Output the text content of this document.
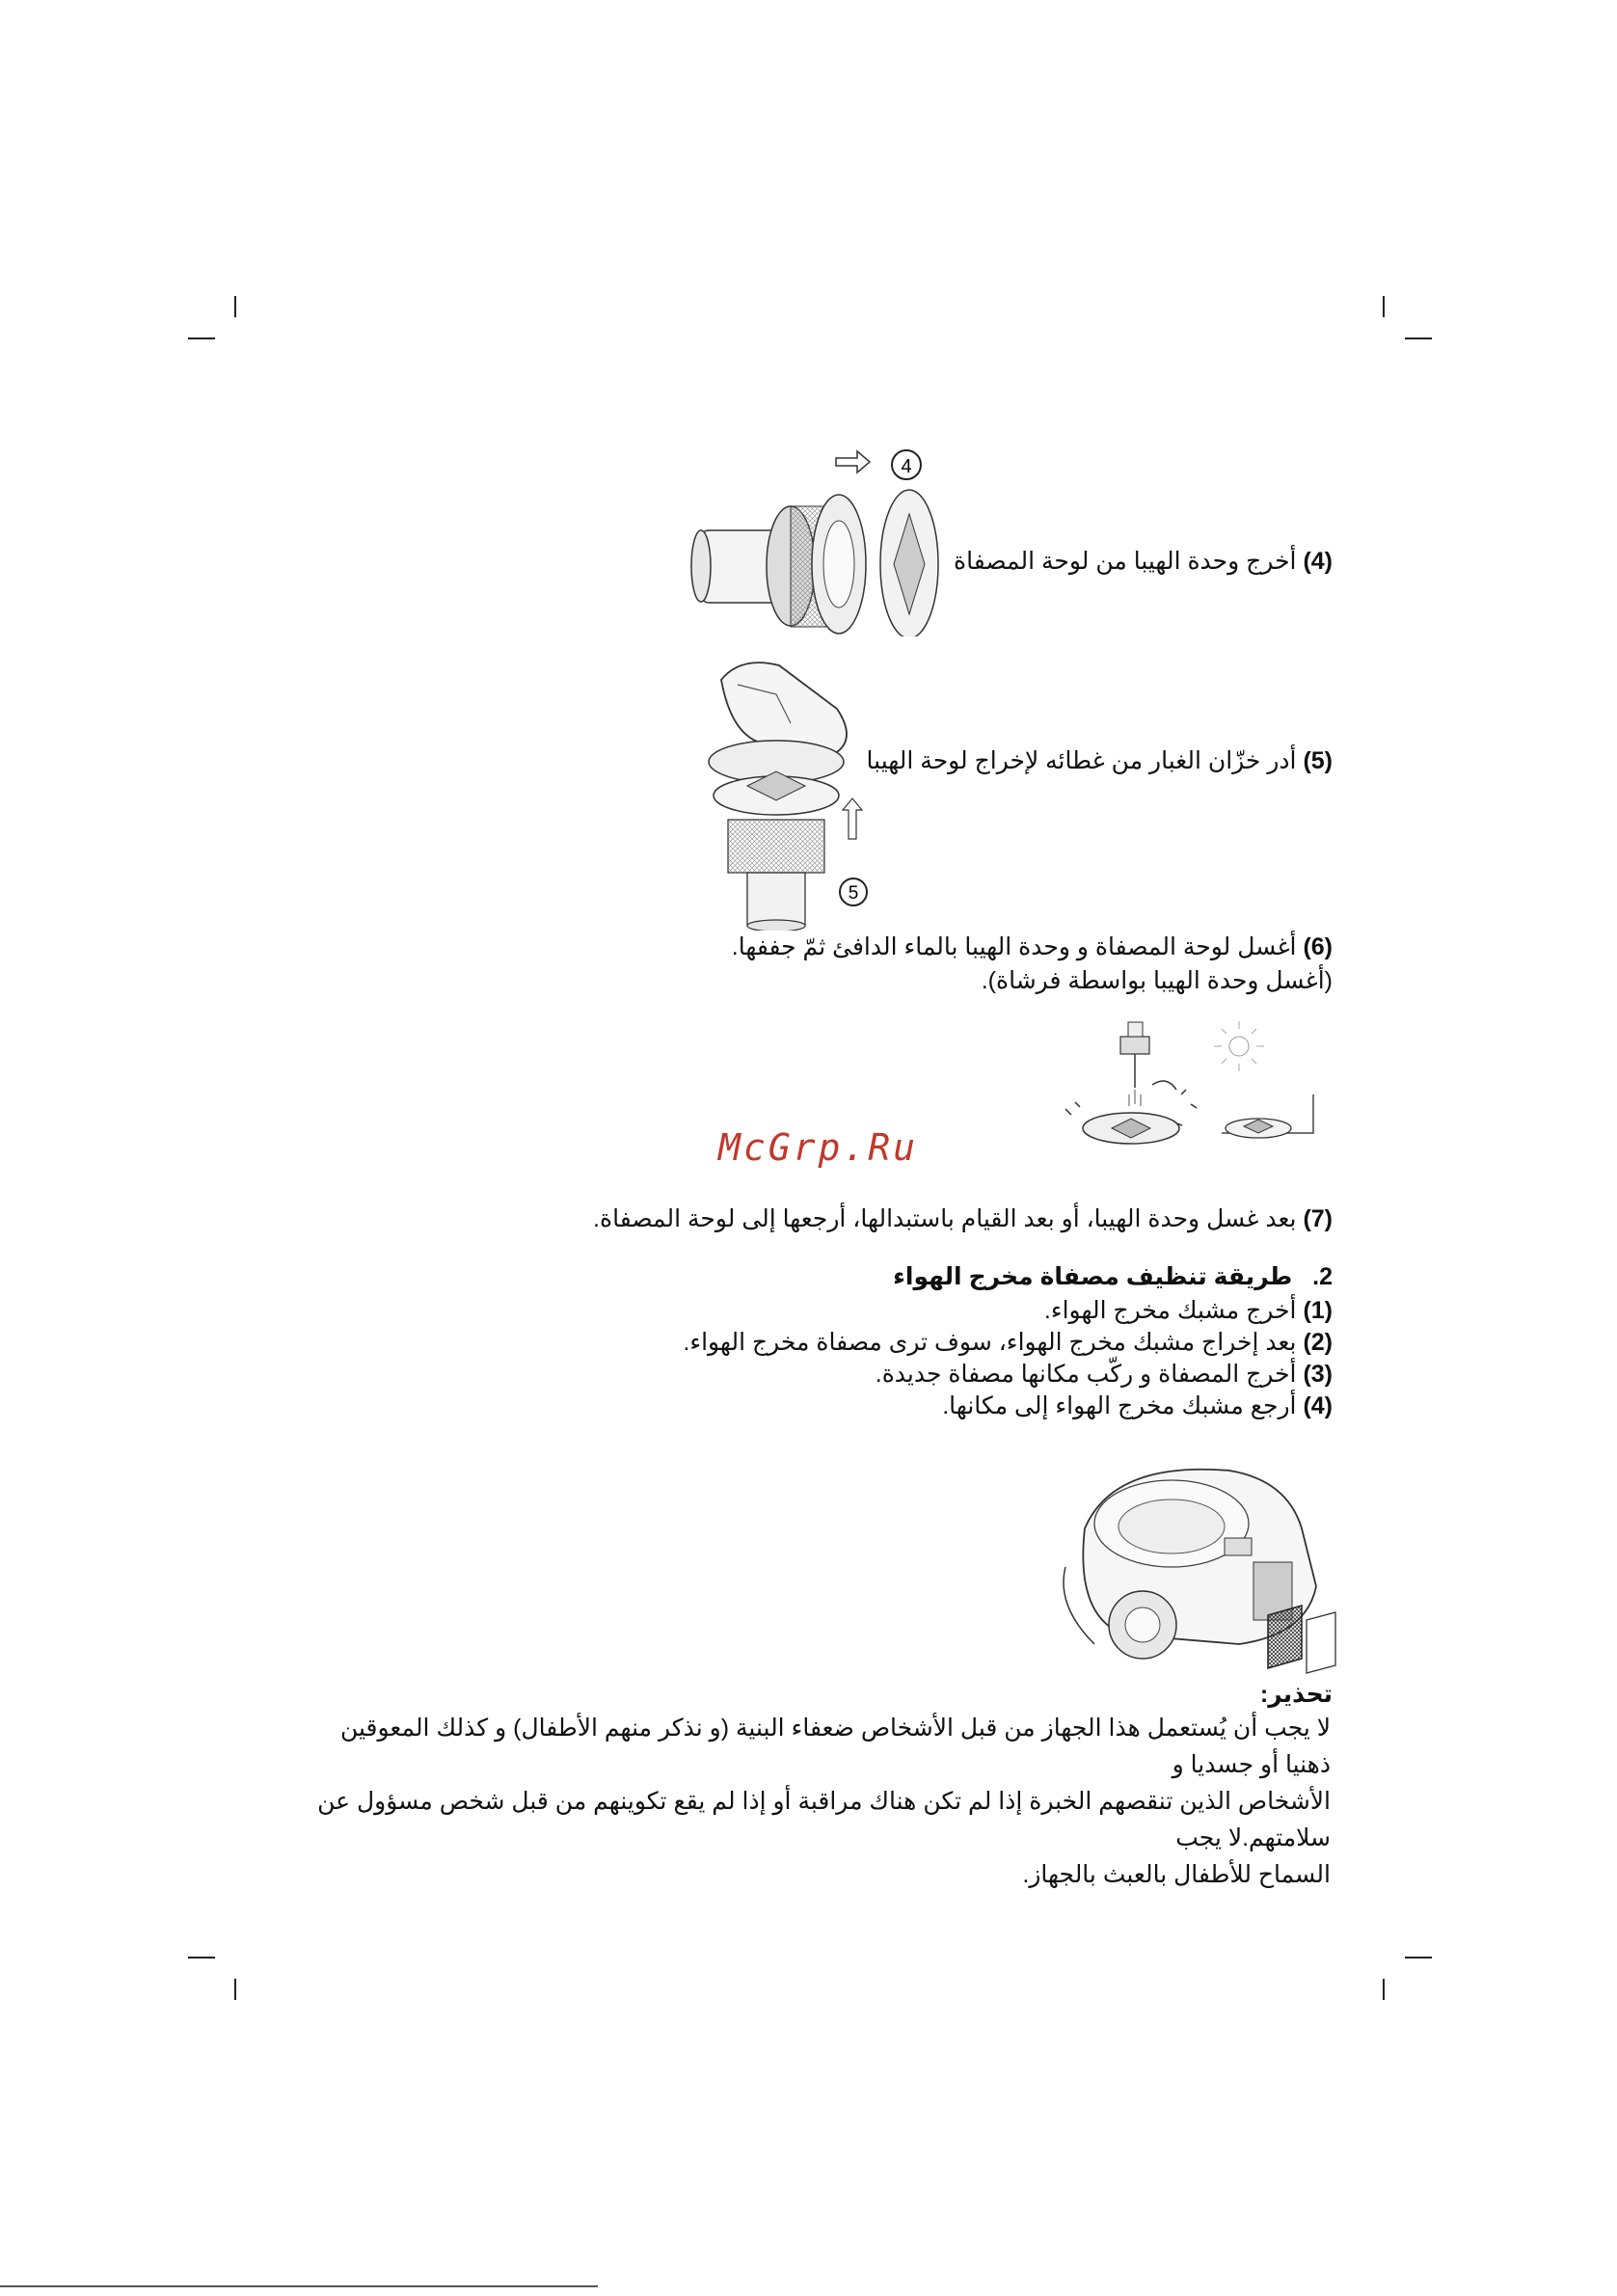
4
(4) أخرج وحدة الهيبا من لوحة المصفاة
5
(5) أدر خزّان الغبار من غطائه لإخراج لوحة الهيبا
(6) أغسل لوحة المصفاة و وحدة الهيبا بالماء الدافئ ثمّ جففها.
(أغسل وحدة الهيبا بواسطة فرشاة).
McGrp.Ru
(7) بعد غسل وحدة الهيبا، أو بعد القيام باستبدالها، أرجعها إلى لوحة المصفاة.
2.   طريقة تنظيف مصفاة مخرج الهواء
(1) أخرج مشبك مخرج الهواء.
(2) بعد إخراج مشبك مخرج الهواء، سوف ترى مصفاة مخرج الهواء.
(3) أخرج المصفاة و ركّب مكانها مصفاة جديدة.
(4) أرجع مشبك مخرج الهواء إلى مكانها.
تحذير:
لا يجب أن يُستعمل هذا الجهاز من قبل الأشخاص ضعفاء البنية (و نذكر منهم الأطفال) و كذلك المعوقين ذهنيا أو جسديا و
الأشخاص الذين تنقصهم الخبرة إذا لم تكن هناك مراقبة أو إذا لم يقع تكوينهم من قبل شخص مسؤول عن سلامتهم.لا يجب
السماح للأطفال بالعبث بالجهاز.
